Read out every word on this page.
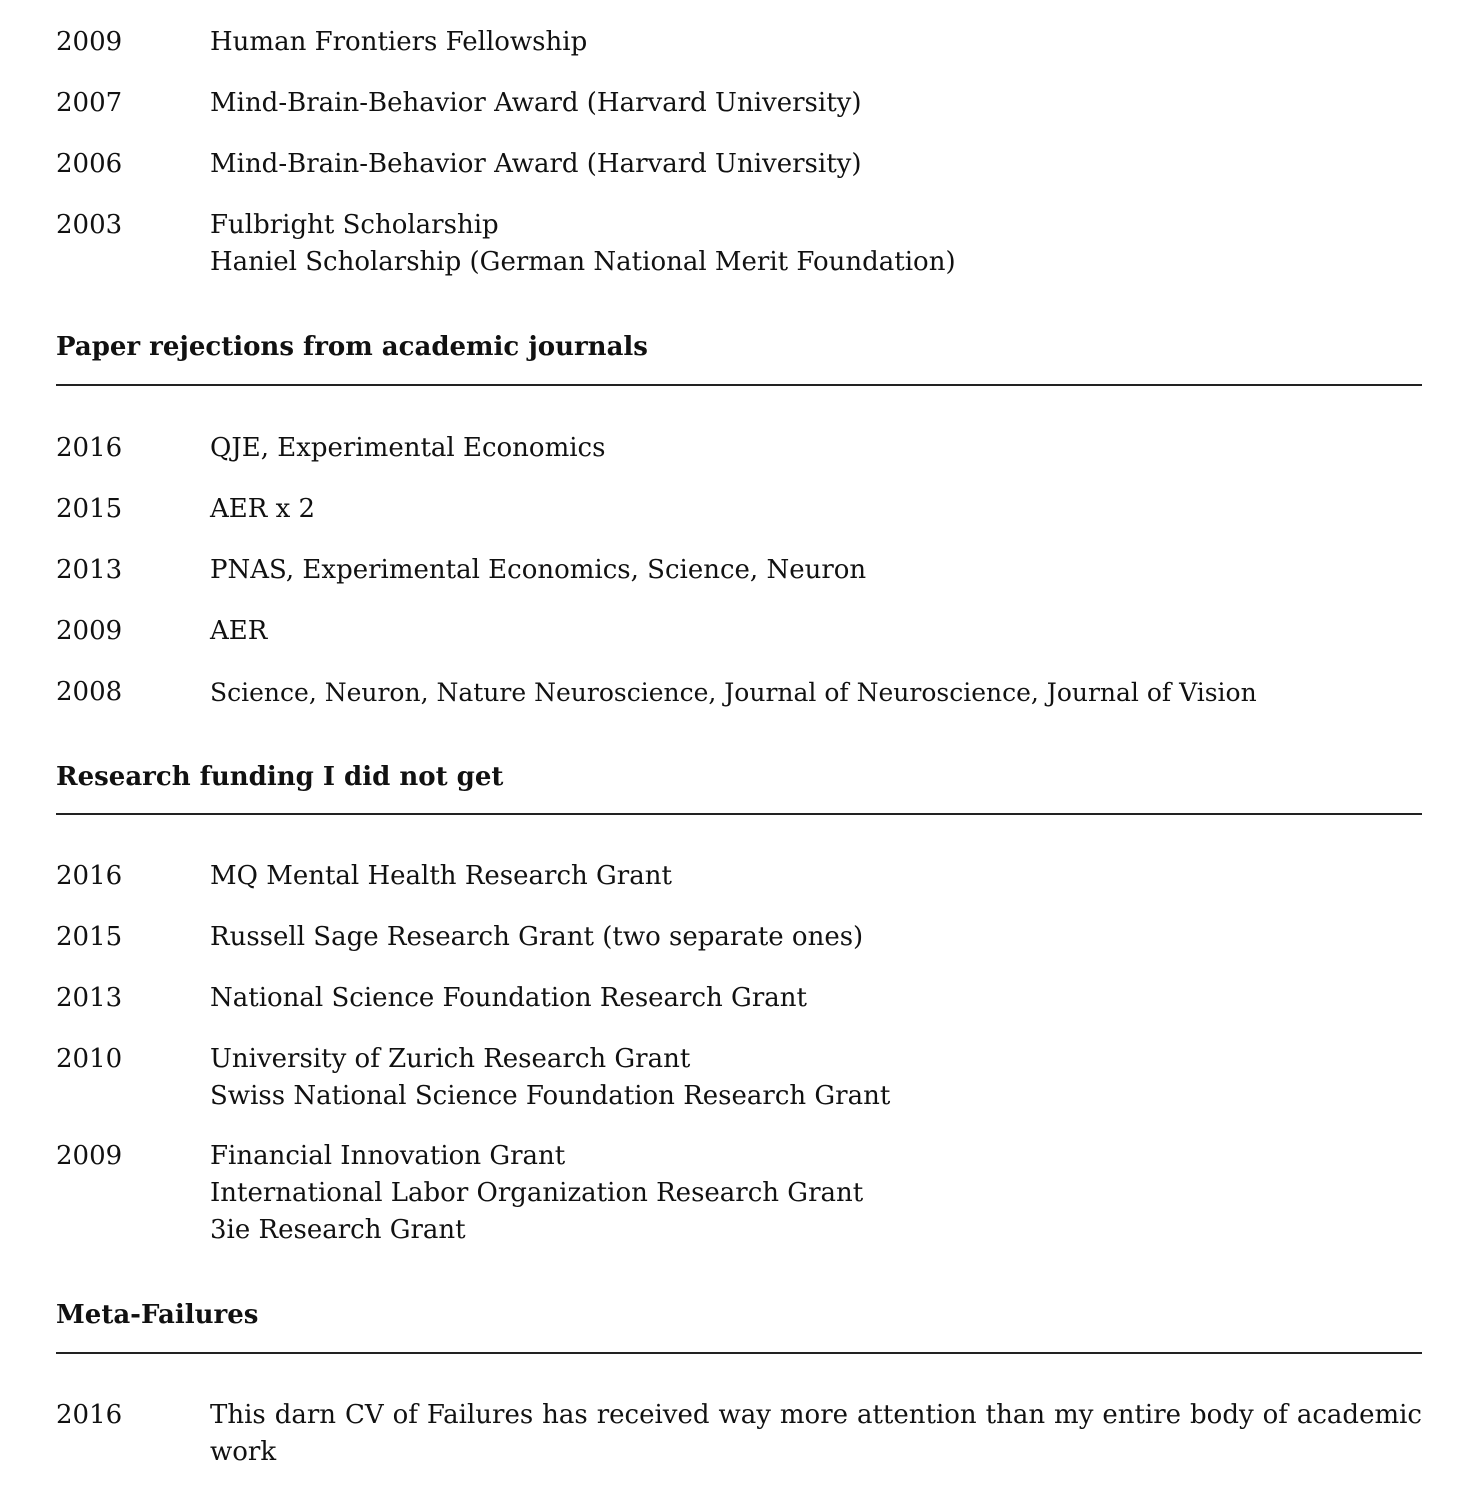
2009	Human Frontiers Fellowship
2007	Mind-Brain-Behavior Award (Harvard University)
2006	Mind-Brain-Behavior Award (Harvard University)
2003	Fulbright Scholarship
Haniel Scholarship (German National Merit Foundation)
Paper rejections from academic journals
2016	QJE, Experimental Economics
2015	AER x 2
2013	PNAS, Experimental Economics, Science, Neuron
2009	AER
2008	Science, Neuron, Nature Neuroscience, Journal of Neuroscience, Journal of Vision
Research funding I did not get
2016	MQ Mental Health Research Grant
2015	Russell Sage Research Grant (two separate ones)
2013	National Science Foundation Research Grant
2010	University of Zurich Research Grant
Swiss National Science Foundation Research Grant
2009	Financial Innovation Grant
International Labor Organization Research Grant
3ie Research Grant
Meta-Failures
2016	This darn CV of Failures has received way more attention than my entire body of academic work
